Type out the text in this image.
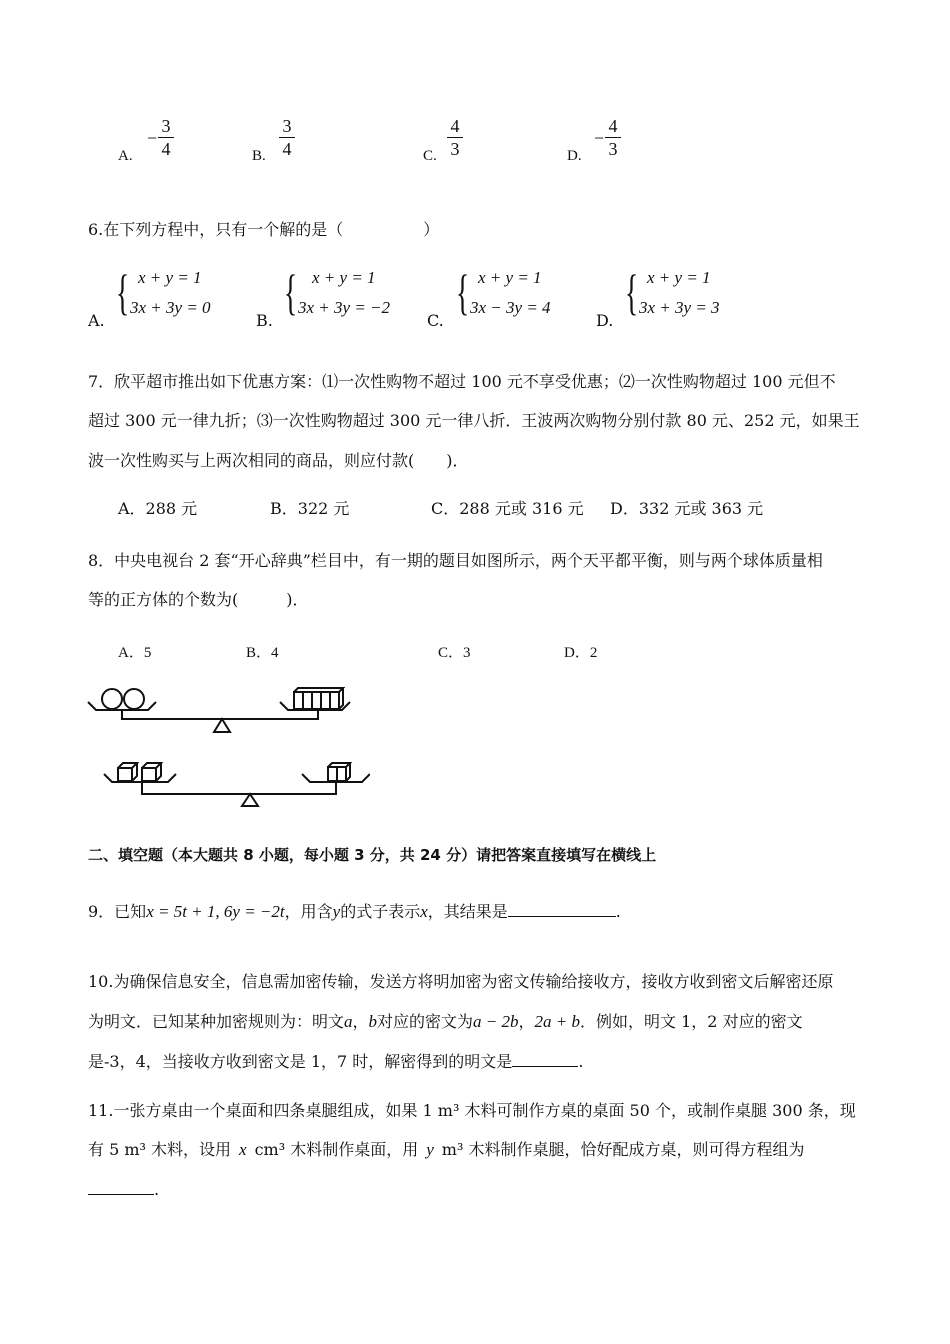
A.
−
3
4	B.
3
4	C.
4
3	D.
−
4
3
6.在下列方程中，只有一个解的是（　　　　　）
A.
{ x + y = 1
3x + 3y = 0
B.
{ x + y = 1
3x + 3y = −2
C.
{ x + y = 1
3x − 3y = 4
D.
{ x + y = 1
3x + 3y = 3
7．欣平超市推出如下优惠方案：⑴一次性购物不超过 100 元不享受优惠；⑵一次性购物超过 100 元但不
超过 300 元一律九折；⑶一次性购物超过 300 元一律八折．王波两次购物分别付款 80 元、252 元，如果王
波一次性购买与上两次相同的商品，则应付款(　　)．
A．288 元	B．322 元	C．288 元或 316 元 D．332 元或 363 元
8．中央电视台 2 套“开心辞典”栏目中，有一期的题目如图所示，两个天平都平衡，则与两个球体质量相
等的正方体的个数为(　　　)．
A．5	B．4	C．3	D．2
二、填空题（本大题共 8 小题，每小题 3 分，共 24 分）请把答案直接填写在横线上
9．已知x = 5t + 1, 6y = −2t，用含y的式子表示x，其结果是	.
10.为确保信息安全，信息需加密传输，发送方将明加密为密文传输给接收方，接收方收到密文后解密还原
为明文．已知某种加密规则为：明文a，b对应的密文为a − 2b，2a + b．例如，明文 1，2 对应的密文
是-3，4，当接收方收到密文是 1，7 时，解密得到的明文是	.
11.一张方桌由一个桌面和四条桌腿组成，如果 1 m³ 木料可制作方桌的桌面 50 个，或制作桌腿 300 条，现
有 5 m³ 木料，设用 x cm³ 木料制作桌面，用 y m³ 木料制作桌腿，恰好配成方桌，则可得方程组为
.
